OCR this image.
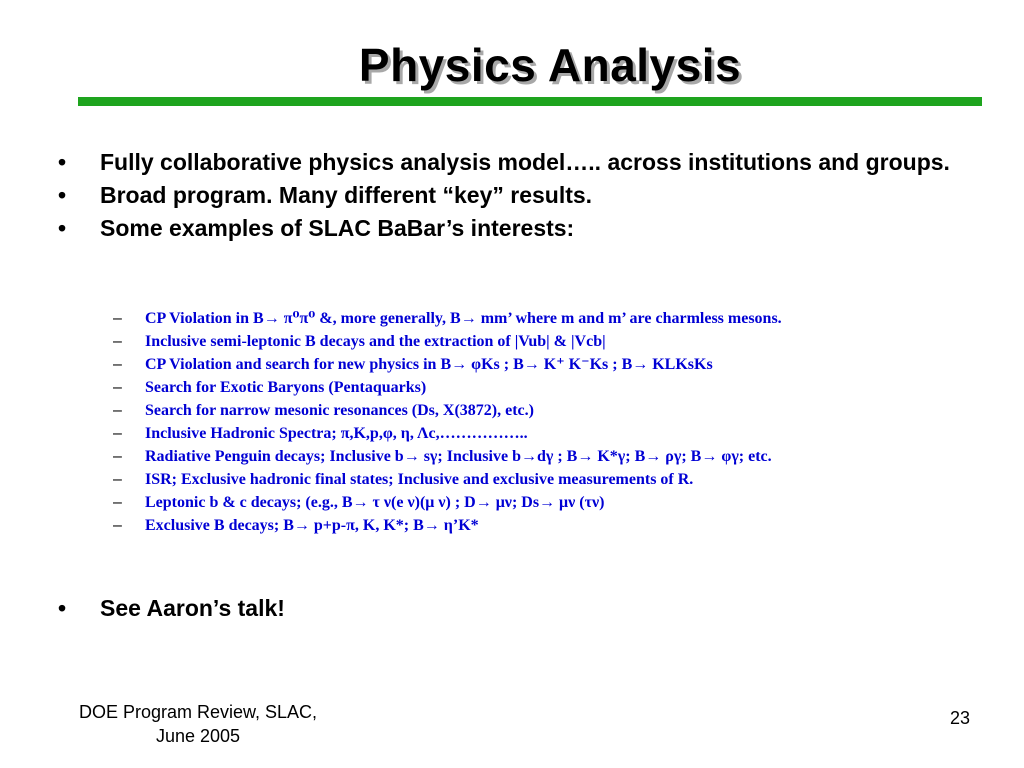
Physics Analysis
• Fully collaborative physics analysis model….. across institutions and groups.
• Broad program. Many different “key” results.
• Some examples of SLAC BaBar’s interests:
– CP Violation in B→ π⁰π⁰ &, more generally, B→ mm’ where m and m’ are charmless mesons.
– Inclusive semi-leptonic B decays and the extraction of |Vub| & |Vcb|
– CP Violation and search for new physics in B→ φKs ; B→ K⁺ K⁻Ks ; B→ KLKsKs
– Search for Exotic Baryons (Pentaquarks)
– Search for narrow mesonic resonances (Ds, X(3872), etc.)
– Inclusive Hadronic Spectra; π,K,p,φ, η, Λc,……………..
– Radiative Penguin decays; Inclusive b→ sγ; Inclusive b→dγ ; B→ K*γ; B→ ργ; B→ φγ; etc.
– ISR; Exclusive hadronic final states; Inclusive and exclusive measurements of R.
– Leptonic b & c decays; (e.g., B→ τ ν(e ν)(μ ν) ; D→ μν; Ds→ μν (τν)
– Exclusive B decays; B→ p+p-π, K, K*; B→ η’K*
• See Aaron’s talk!
DOE Program Review, SLAC,
June 2005
23
